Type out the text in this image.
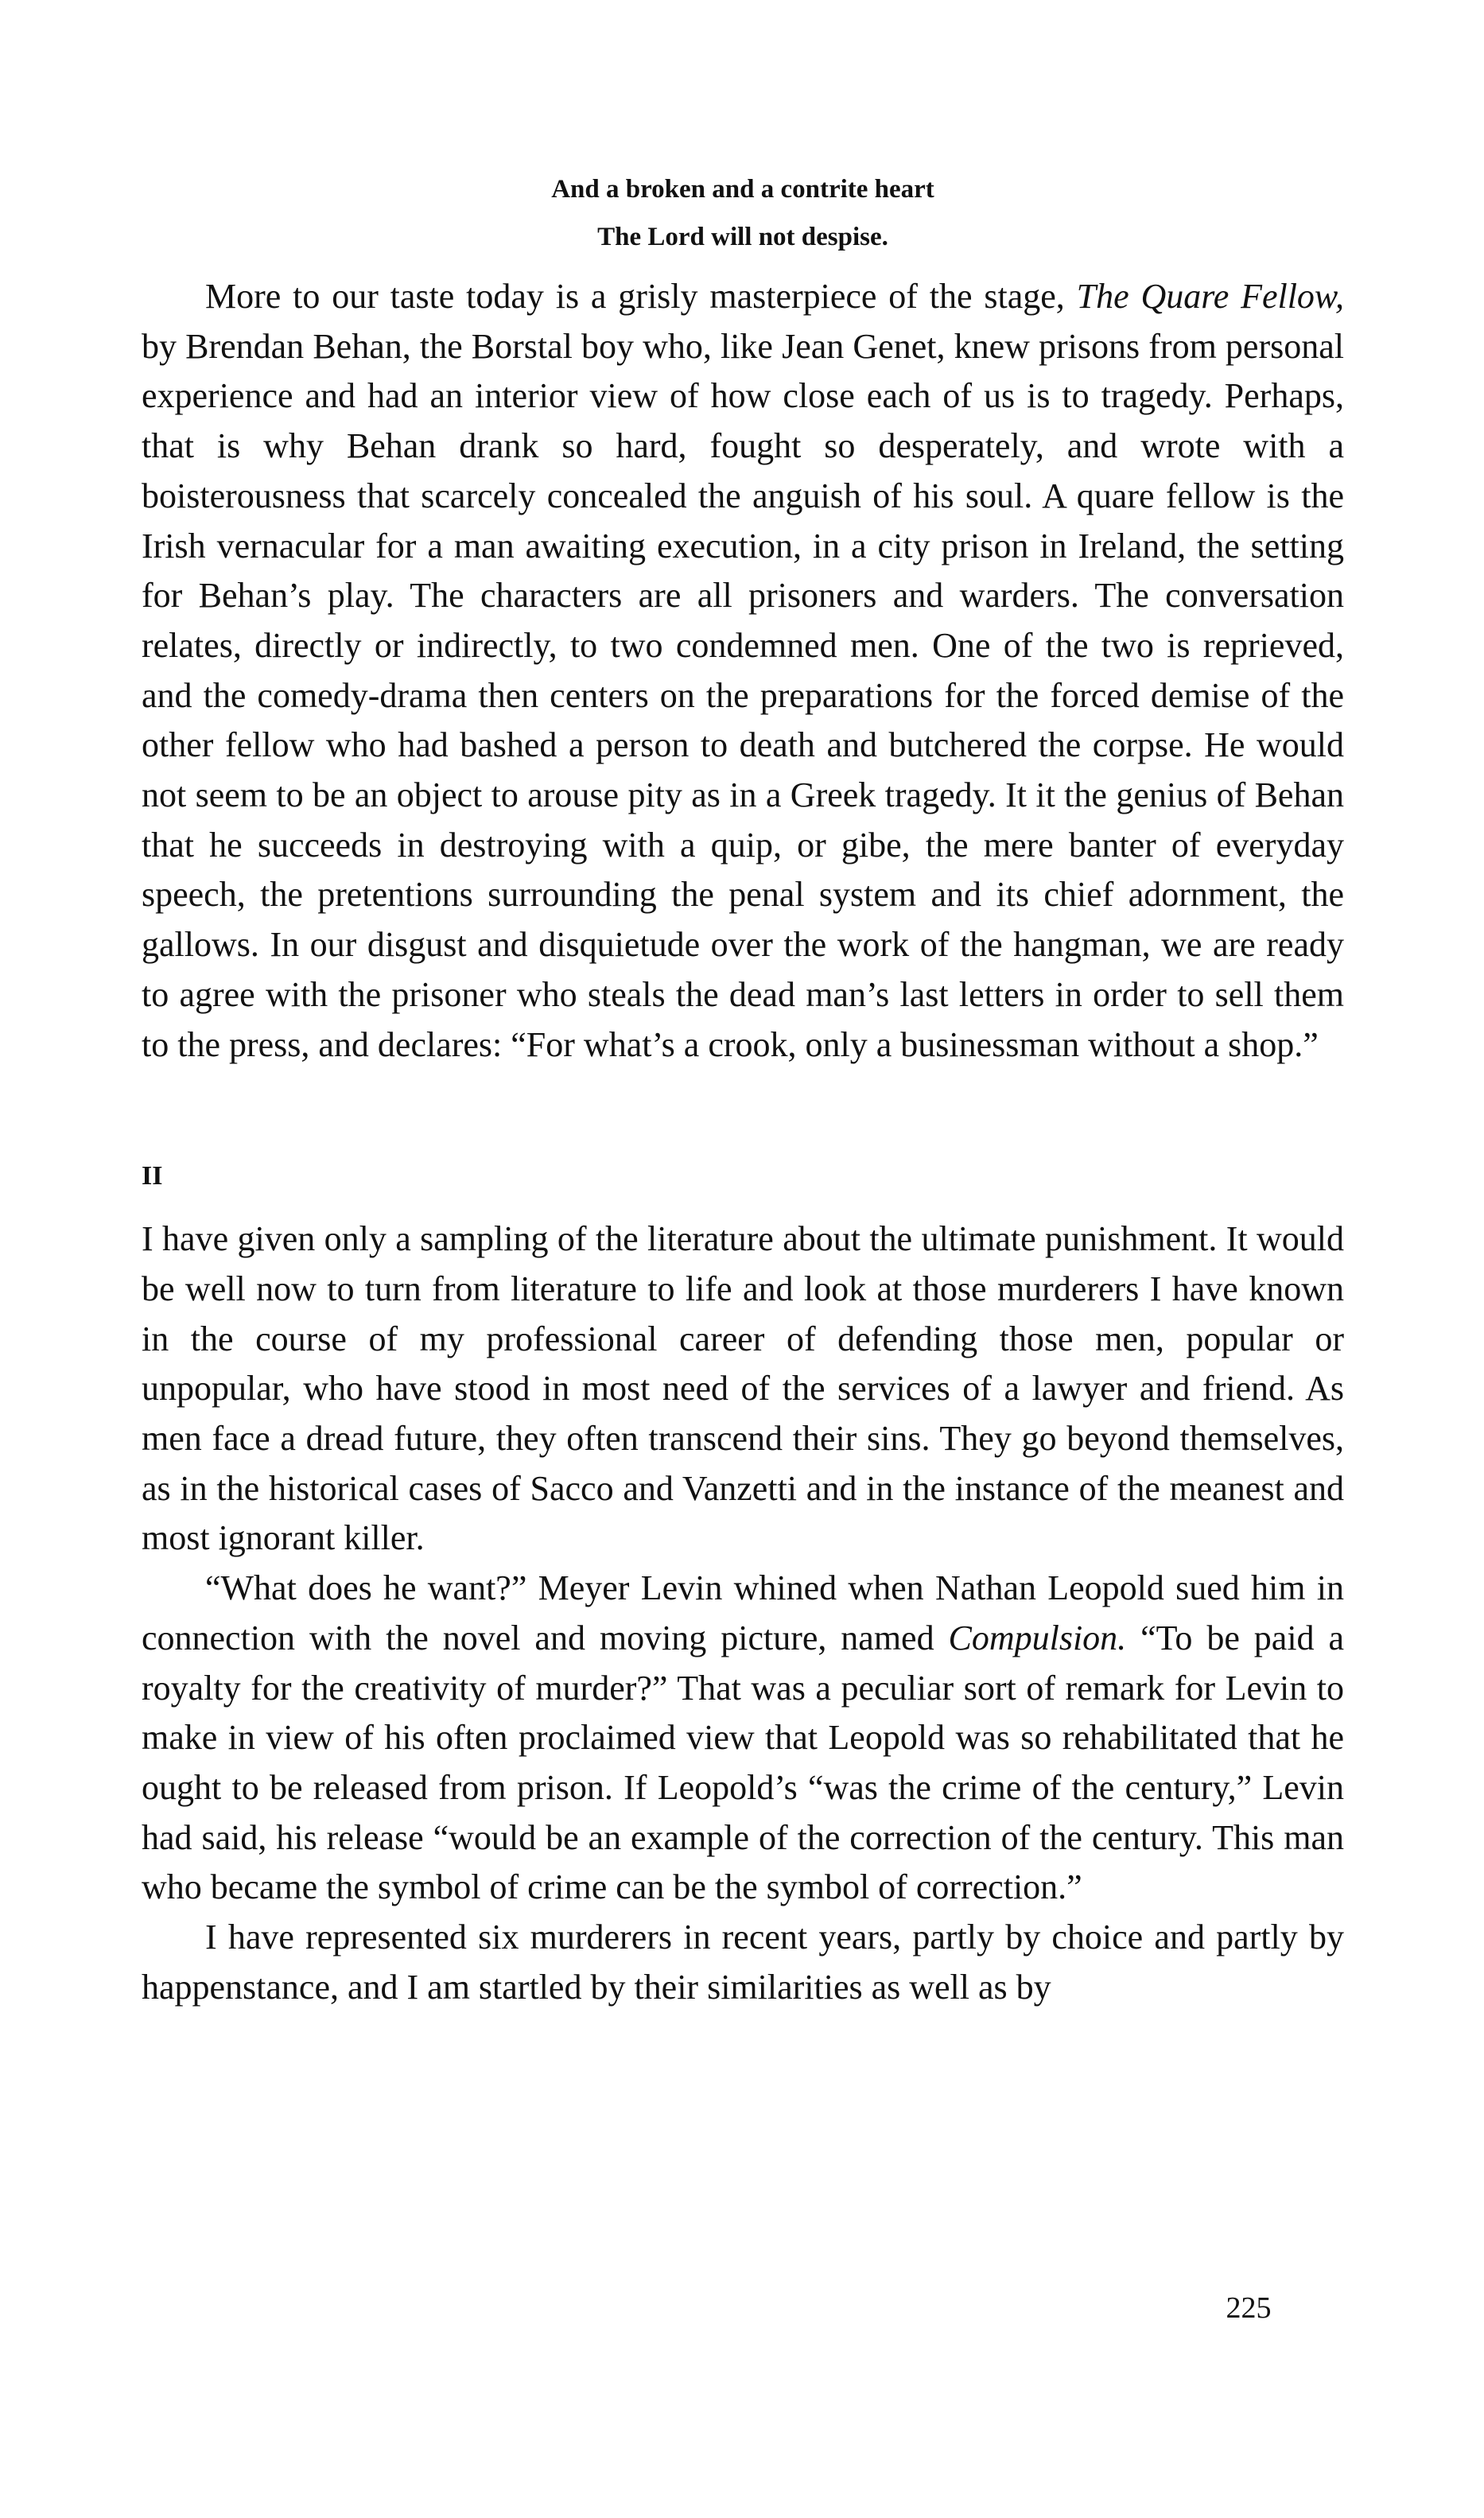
And a broken and a contrite heart
The Lord will not despise.

More to our taste today is a grisly masterpiece of the stage, The Quare Fellow, by Brendan Behan, the Borstal boy who, like Jean Genet, knew prisons from personal experience and had an interior view of how close each of us is to tragedy. Perhaps, that is why Behan drank so hard, fought so desperately, and wrote with a boisterousness that scarcely concealed the anguish of his soul. A quare fellow is the Irish vernacular for a man awaiting execution, in a city prison in Ireland, the setting for Behan’s play. The characters are all prisoners and warders. The conversation relates, directly or indirectly, to two condemned men. One of the two is reprieved, and the comedy-drama then centers on the preparations for the forced demise of the other fellow who had bashed a person to death and butchered the corpse. He would not seem to be an object to arouse pity as in a Greek tragedy. It it the genius of Behan that he succeeds in destroying with a quip, or gibe, the mere banter of everyday speech, the pretentions surrounding the penal system and its chief adornment, the gallows. In our disgust and disquietude over the work of the hangman, we are ready to agree with the prisoner who steals the dead man’s last letters in order to sell them to the press, and declares: “For what’s a crook, only a businessman without a shop.”

II

I have given only a sampling of the literature about the ultimate punishment. It would be well now to turn from literature to life and look at those murderers I have known in the course of my professional career of defending those men, popular or unpopular, who have stood in most need of the services of a lawyer and friend. As men face a dread future, they often transcend their sins. They go beyond themselves, as in the historical cases of Sacco and Vanzetti and in the instance of the meanest and most ignorant killer.

“What does he want?” Meyer Levin whined when Nathan Leopold sued him in connection with the novel and moving picture, named Compulsion. “To be paid a royalty for the creativity of murder?” That was a peculiar sort of remark for Levin to make in view of his often proclaimed view that Leopold was so rehabilitated that he ought to be released from prison. If Leopold’s “was the crime of the century,” Levin had said, his release “would be an example of the correction of the century. This man who became the symbol of crime can be the symbol of correction.”

I have represented six murderers in recent years, partly by choice and partly by happenstance, and I am startled by their similarities as well as by

225
